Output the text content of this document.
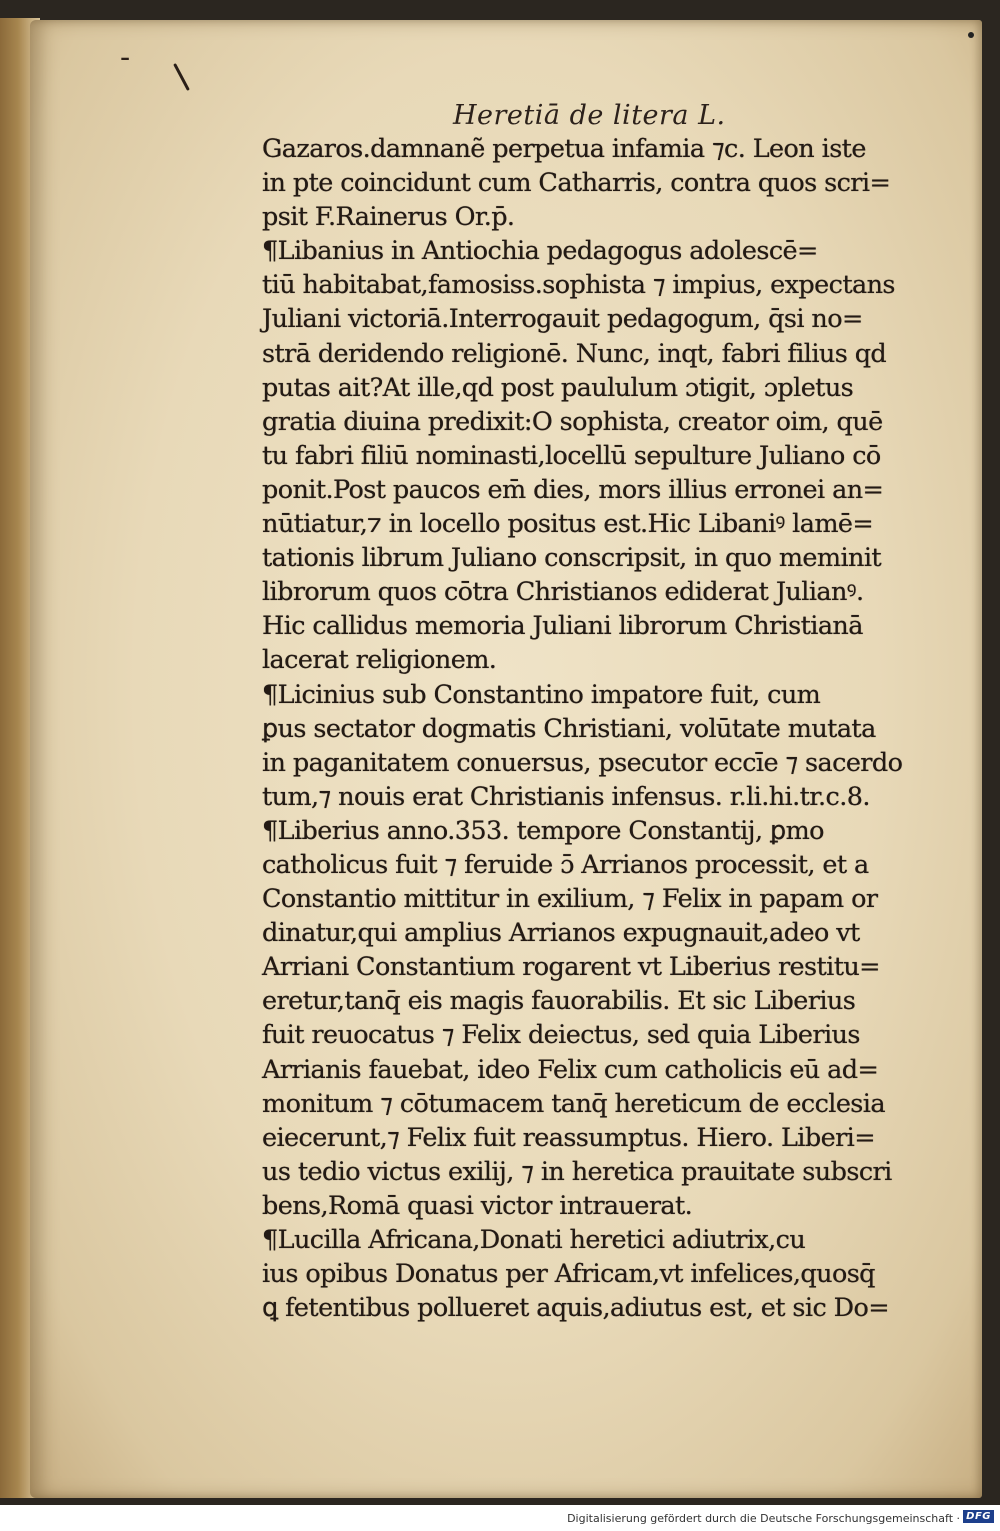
-
Heretiā de litera L.
Gazaros.damnanẽ perpetua infamia ⁊c. Leon iste
in pte coincidunt cum Catharris, contra quos scri=
psit F.Rainerus Or.p̄.
¶Libanius in Antiochia pedagogus adolescē=
tiū habitabat,famosiss.sophista ⁊ impius, expectans
Juliani victoriā.Interrogauit pedagogum, q̄si no=
strā deridendo religionē. Nunc, inqt, fabri filius qd
putas ait?At ille,qd post paululum ɔtigit, ɔpletus
gratia diuina predixit:O sophista, creator oim, quē
tu fabri filiū nominasti,locellū sepulture Juliano cō
ponit.Post paucos em̄ dies, mors illius erronei an=
nūtiatur,⁊ in locello positus est.Hic Libaniꝰ lamē=
tationis librum Juliano conscripsit, in quo meminit
librorum quos cōtra Christianos ediderat Julianꝰ.
Hic callidus memoria Juliani librorum Christianā
lacerat religionem.
¶Licinius sub Constantino impatore fuit, cum
ꝑus sectator dogmatis Christiani, volūtate mutata
in paganitatem conuersus, psecutor eccīe ⁊ sacerdo
tum,⁊ nouis erat Christianis infensus. r.li.hi.tr.c.8.
¶Liberius anno.353. tempore Constantij, ꝑmo
catholicus fuit ⁊ feruide ɔ̄ Arrianos processit, et a
Constantio mittitur in exilium, ⁊ Felix in papam or
dinatur,qui amplius Arrianos expugnauit,adeo vt
Arriani Constantium rogarent vt Liberius restitu=
eretur,tanq̄ eis magis fauorabilis. Et sic Liberius
fuit reuocatus ⁊ Felix deiectus, sed quia Liberius
Arrianis fauebat, ideo Felix cum catholicis eū ad=
monitum ⁊ cōtumacem tanq̄ hereticum de ecclesia
eiecerunt,⁊ Felix fuit reassumptus. Hiero. Liberi=
us tedio victus exilij, ⁊ in heretica prauitate subscri
bens,Romā quasi victor intrauerat.
¶Lucilla Africana,Donati heretici adiutrix,cu
ius opibus Donatus per Africam,vt infelices,quosq̄
ꝗ fetentibus pollueret aquis,adiutus est, et sic Do=
Digitalisierung gefördert durch die Deutsche Forschungsgemeinschaft · DFG
